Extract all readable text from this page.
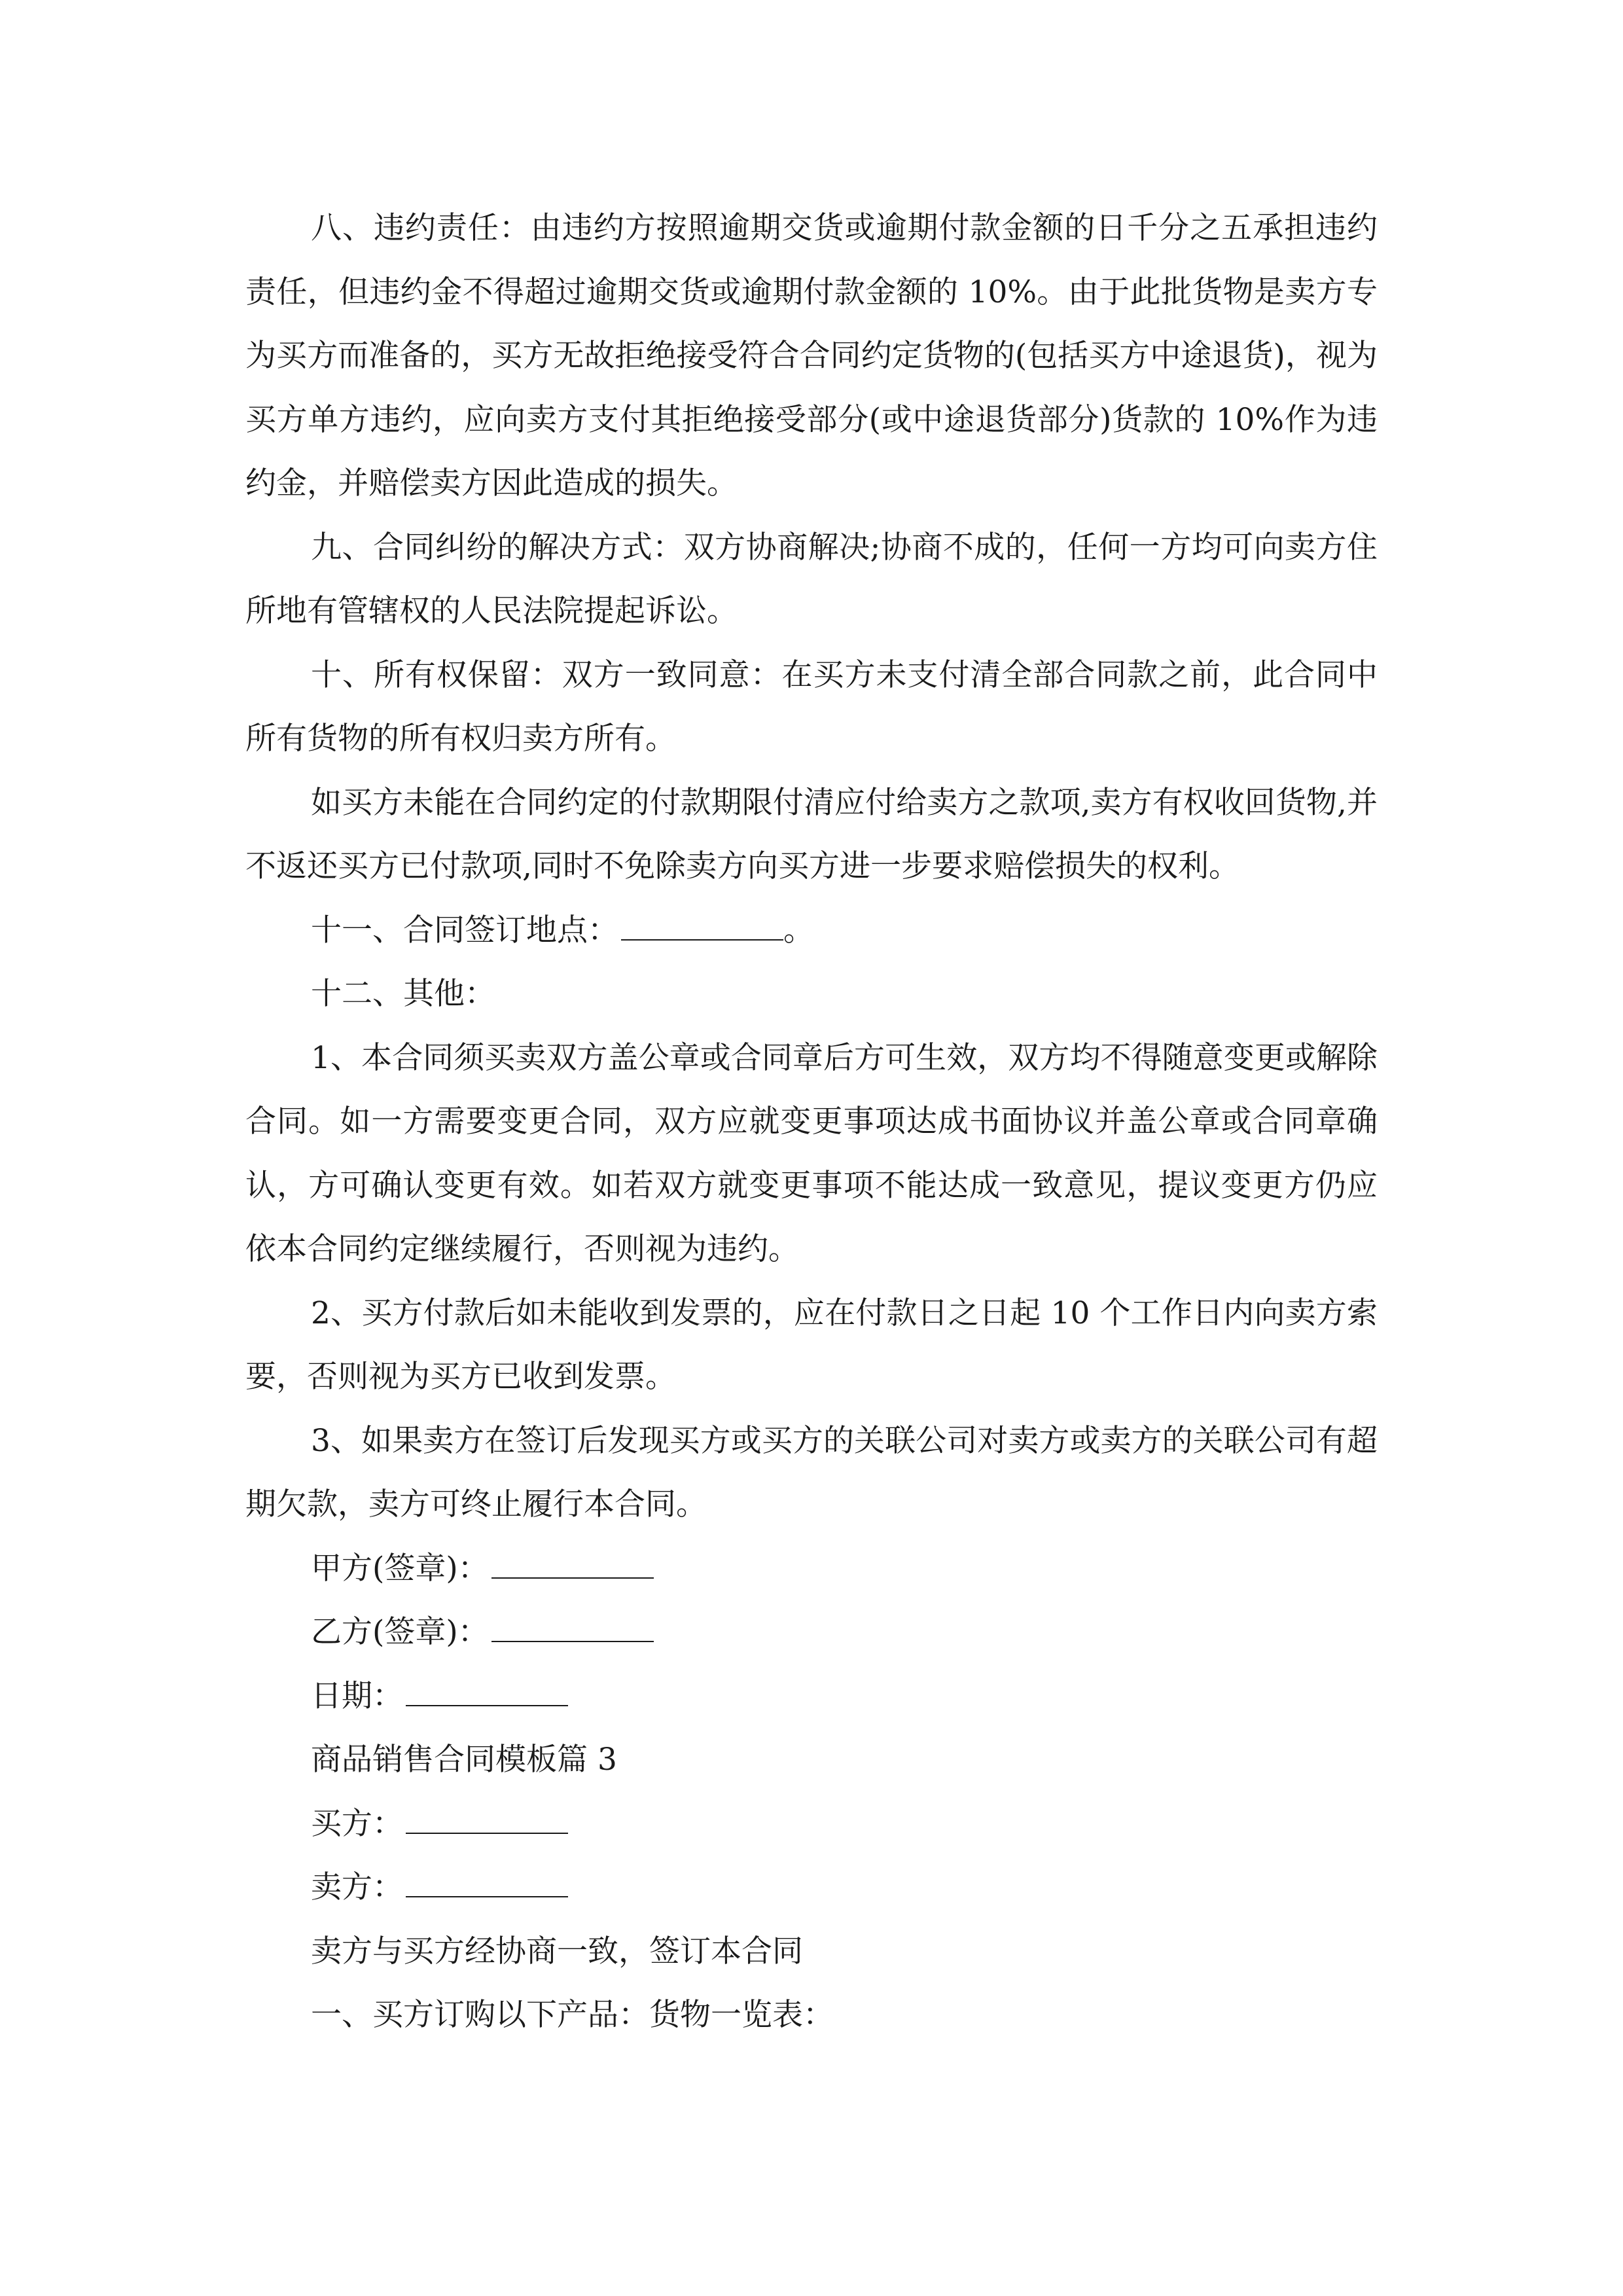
八、违约责任：由违约方按照逾期交货或逾期付款金额的日千分之五承担违约责任，但违约金不得超过逾期交货或逾期付款金额的 10%。由于此批货物是卖方专为买方而准备的，买方无故拒绝接受符合合同约定货物的(包括买方中途退货)，视为买方单方违约，应向卖方支付其拒绝接受部分(或中途退货部分)货款的 10%作为违约金，并赔偿卖方因此造成的损失。

九、合同纠纷的解决方式：双方协商解决;协商不成的，任何一方均可向卖方住所地有管辖权的人民法院提起诉讼。

十、所有权保留：双方一致同意：在买方未支付清全部合同款之前，此合同中所有货物的所有权归卖方所有。

如买方未能在合同约定的付款期限付清应付给卖方之款项,卖方有权收回货物,并不返还买方已付款项,同时不免除卖方向买方进一步要求赔偿损失的权利。

十一、合同签订地点：	。

十二、其他：

1、本合同须买卖双方盖公章或合同章后方可生效，双方均不得随意变更或解除合同。如一方需要变更合同，双方应就变更事项达成书面协议并盖公章或合同章确认，方可确认变更有效。如若双方就变更事项不能达成一致意见，提议变更方仍应依本合同约定继续履行，否则视为违约。

2、买方付款后如未能收到发票的，应在付款日之日起 10 个工作日内向卖方索要，否则视为买方已收到发票。

3、如果卖方在签订后发现买方或买方的关联公司对卖方或卖方的关联公司有超期欠款，卖方可终止履行本合同。

甲方(签章)：

乙方(签章)：

日期：

商品销售合同模板篇 3

买方：

卖方：

卖方与买方经协商一致，签订本合同

一、买方订购以下产品：货物一览表：
